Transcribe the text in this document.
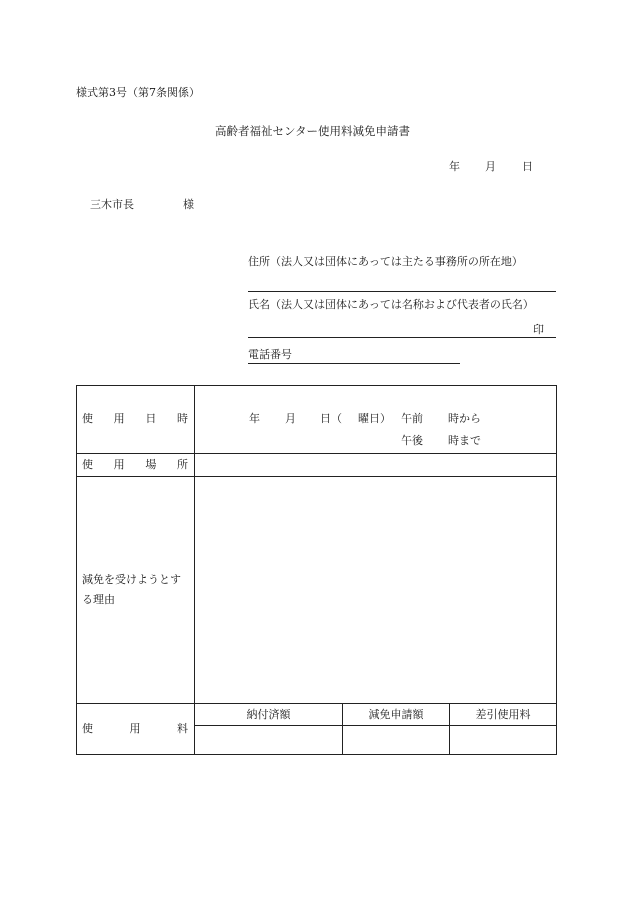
様式第3号（第7条関係）
高齢者福祉センター使用料減免申請書
年 月 日
三木市長	様
住所（法人又は団体にあっては主たる事務所の所在地）
氏名（法人又は団体にあっては名称および代表者の氏名）
印
電話番号
使 用 日 時	年 月 日（ 曜日） 午前 時から
午後 時まで
使 用 場 所
減免を受けようとする理由
使	用	料
納付済額	減免申請額	差引使用料
